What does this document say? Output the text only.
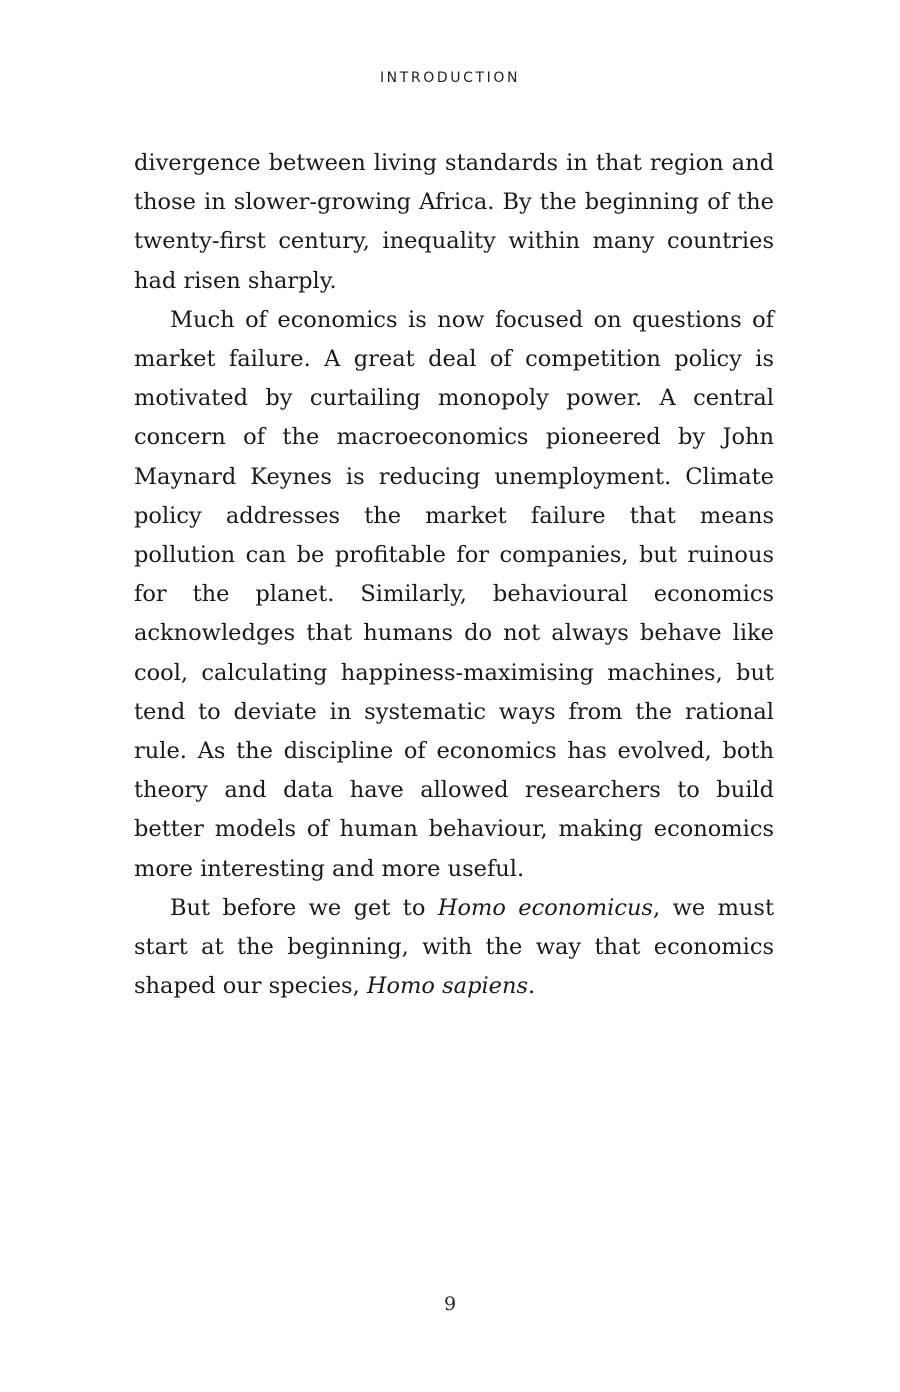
INTRODUCTION

divergence between living standards in that region and those in slower-growing Africa. By the beginning of the twenty-first century, inequality within many countries had risen sharply.

Much of economics is now focused on questions of market failure. A great deal of competition policy is motivated by curtailing monopoly power. A central concern of the macroeconomics pioneered by John Maynard Keynes is reducing unemployment. Climate policy addresses the market failure that means pollution can be profitable for companies, but ruinous for the planet. Similarly, behavioural economics acknowledges that humans do not always behave like cool, calculating happiness-maximising machines, but tend to deviate in systematic ways from the rational rule. As the discipline of economics has evolved, both theory and data have allowed researchers to build better models of human behaviour, making economics more interesting and more useful.

But before we get to Homo economicus, we must start at the beginning, with the way that economics shaped our species, Homo sapiens.

9
